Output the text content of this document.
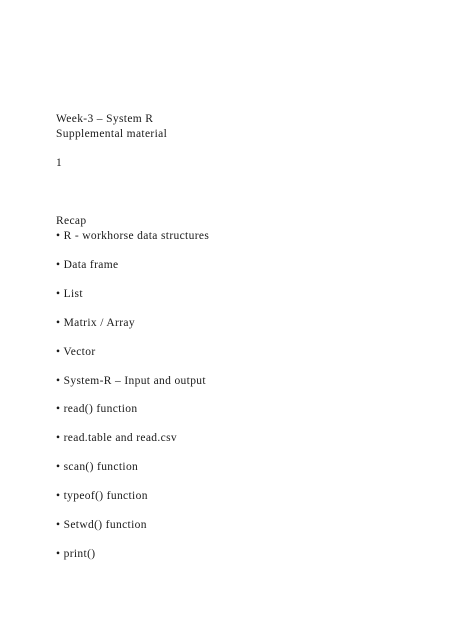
Week-3 – System R
Supplemental material
1
Recap
• R - workhorse data structures
• Data frame
• List
• Matrix / Array
• Vector
• System-R – Input and output
• read() function
• read.table and read.csv
• scan() function
• typeof() function
• Setwd() function
• print()
